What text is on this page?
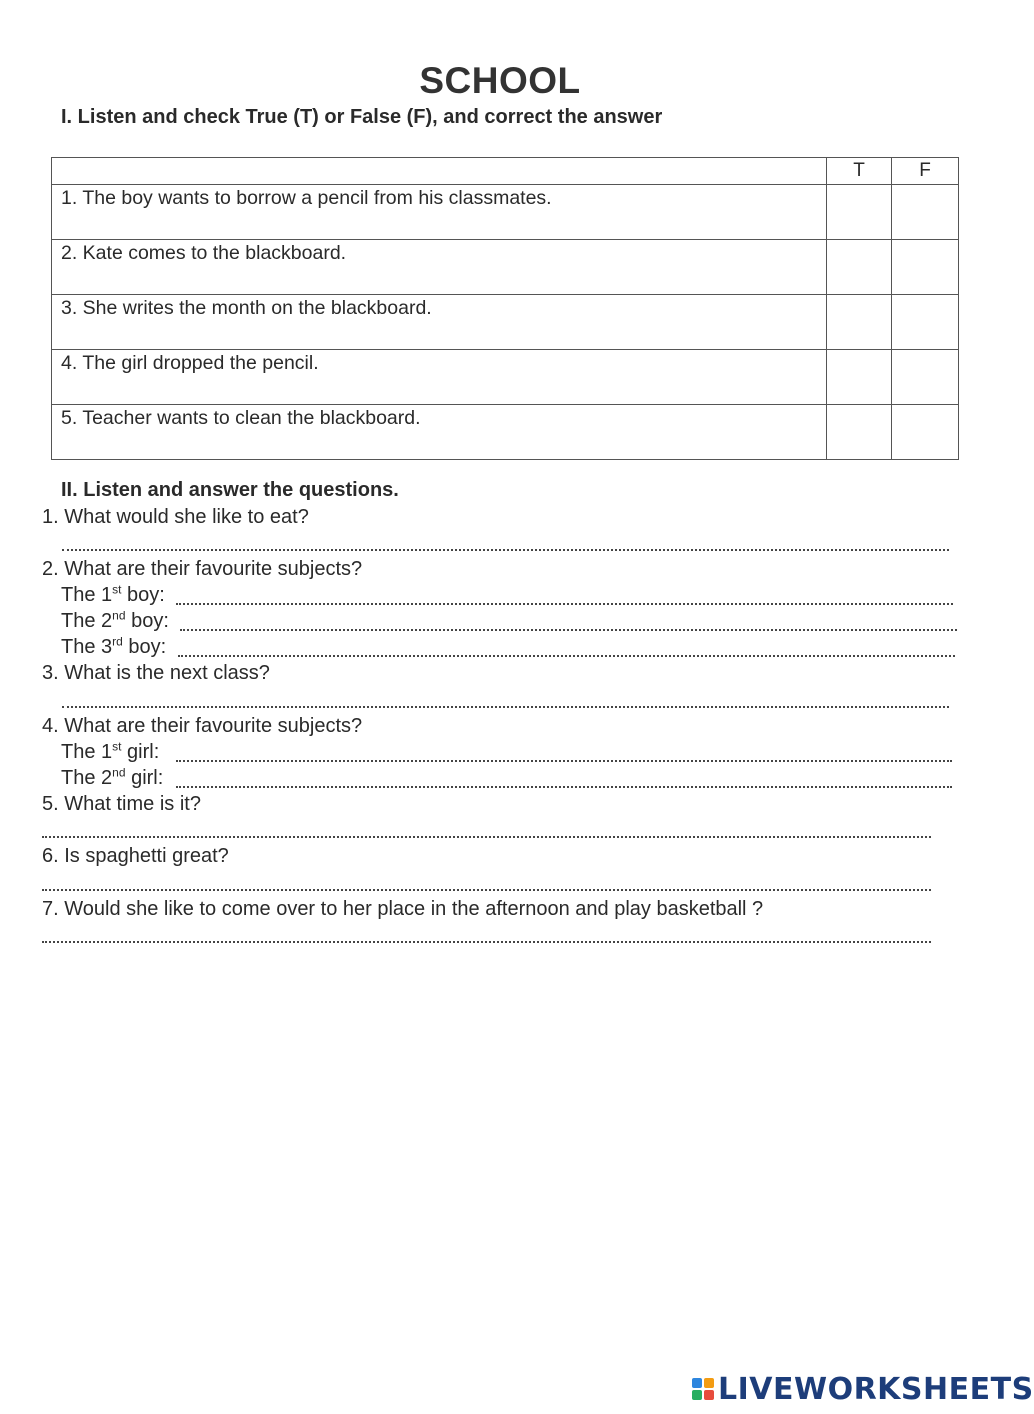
SCHOOL
I. Listen and check True (T) or False (F), and correct the answer
	T	F
1. The boy wants to borrow a pencil from his classmates.		
2. Kate comes to the blackboard.		
3. She writes the month on the blackboard.		
4. The girl dropped the pencil.		
5. Teacher wants to clean the blackboard.		
II. Listen and answer the questions.
1. What would she like to eat?
2. What are their favourite subjects?
The 1st boy:
The 2nd boy:
The 3rd boy:
3. What is the next class?
4. What are their favourite subjects?
The 1st girl:
The 2nd girl:
5. What time is it?
6. Is spaghetti great?
7. Would she like to come over to her place in the afternoon and play basketball ?
LIVEWORKSHEETS
